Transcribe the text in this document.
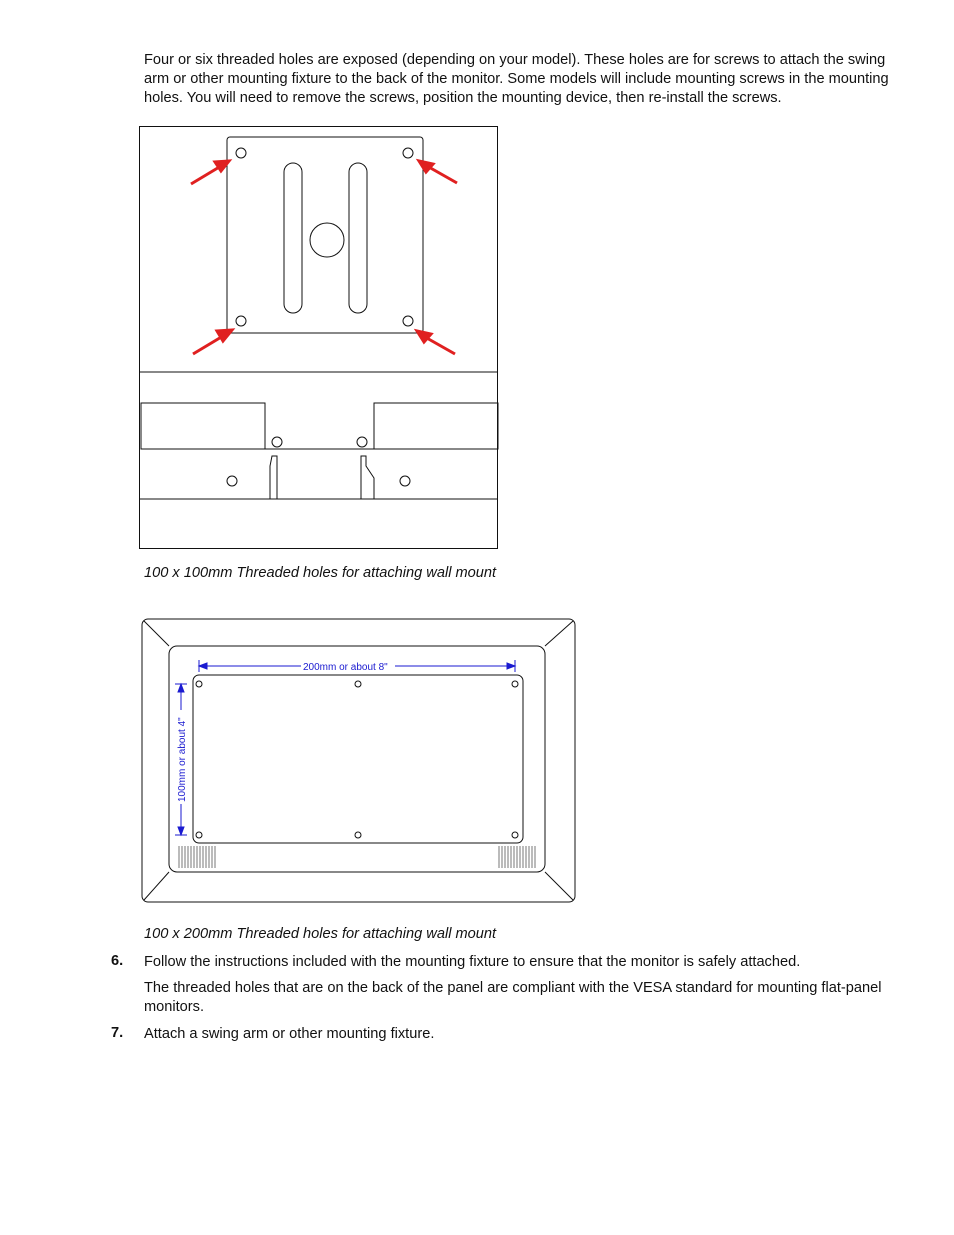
Four or six threaded holes are exposed (depending on your model). These holes are for screws to attach the swing arm or other mounting fixture to the back of the monitor. Some models will include mounting screws in the mounting holes. You will need to remove the screws, position the mounting device, then re-install the screws.

100 x 100mm Threaded holes for attaching wall mount

200mm or about 8"
100mm or about 4"

100 x 200mm Threaded holes for attaching wall mount

6. Follow the instructions included with the mounting fixture to ensure that the monitor is safely attached.

The threaded holes that are on the back of the panel are compliant with the VESA standard for mounting flat-panel monitors.

7. Attach a swing arm or other mounting fixture.
